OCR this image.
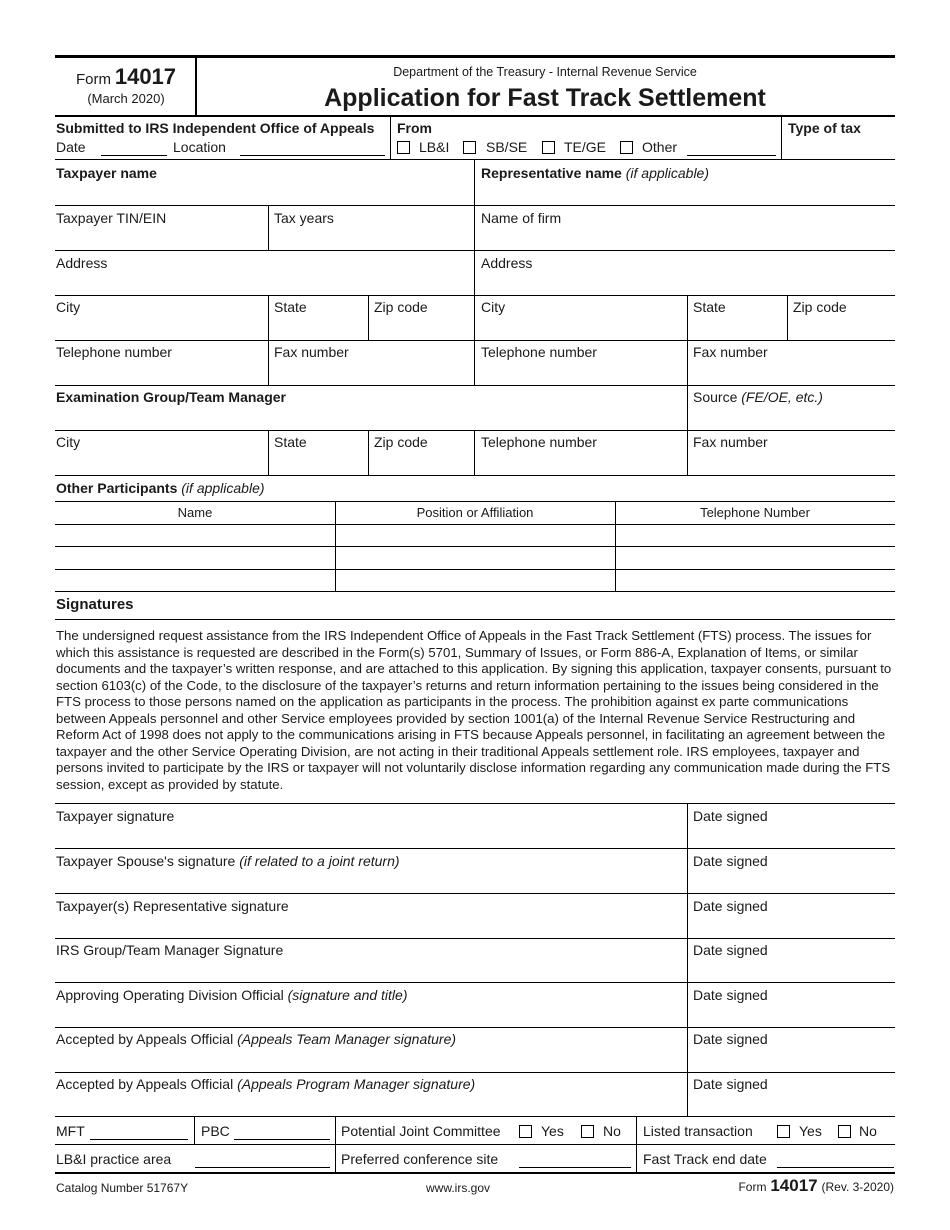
Form 14017
(March 2020)
Department of the Treasury - Internal Revenue Service
Application for Fast Track Settlement
Submitted to IRS Independent Office of Appeals
Date	Location
From
LB&I	SB/SE	TE/GE	Other
Type of tax
Taxpayer name	Representative name (if applicable)
Taxpayer TIN/EIN	Tax years	Name of firm
Address	Address
City	State	Zip code	City	State	Zip code
Telephone number	Fax number	Telephone number	Fax number
Examination Group/Team Manager	Source (FE/OE, etc.)
City	State	Zip code	Telephone number	Fax number
Other Participants (if applicable)
Name	Position or Affiliation	Telephone Number
Signatures
The undersigned request assistance from the IRS Independent Office of Appeals in the Fast Track Settlement (FTS) process. The issues for which this assistance is requested are described in the Form(s) 5701, Summary of Issues, or Form 886-A, Explanation of Items, or similar documents and the taxpayer’s written response, and are attached to this application. By signing this application, taxpayer consents, pursuant to section 6103(c) of the Code, to the disclosure of the taxpayer’s returns and return information pertaining to the issues being considered in the FTS process to those persons named on the application as participants in the process. The prohibition against ex parte communications between Appeals personnel and other Service employees provided by section 1001(a) of the Internal Revenue Service Restructuring and Reform Act of 1998 does not apply to the communications arising in FTS because Appeals personnel, in facilitating an agreement between the taxpayer and the other Service Operating Division, are not acting in their traditional Appeals settlement role. IRS employees, taxpayer and persons invited to participate by the IRS or taxpayer will not voluntarily disclose information regarding any communication made during the FTS session, except as provided by statute.
Taxpayer signature	Date signed
Taxpayer Spouse's signature (if related to a joint return)	Date signed
Taxpayer(s) Representative signature	Date signed
IRS Group/Team Manager Signature	Date signed
Approving Operating Division Official (signature and title)	Date signed
Accepted by Appeals Official (Appeals Team Manager signature)	Date signed
Accepted by Appeals Official (Appeals Program Manager signature)	Date signed
MFT	PBC	Potential Joint Committee	Yes	No Listed transaction	Yes	No
LB&I practice area	Preferred conference site	Fast Track end date
Catalog Number 51767Y	www.irs.gov	Form 14017 (Rev. 3-2020)
